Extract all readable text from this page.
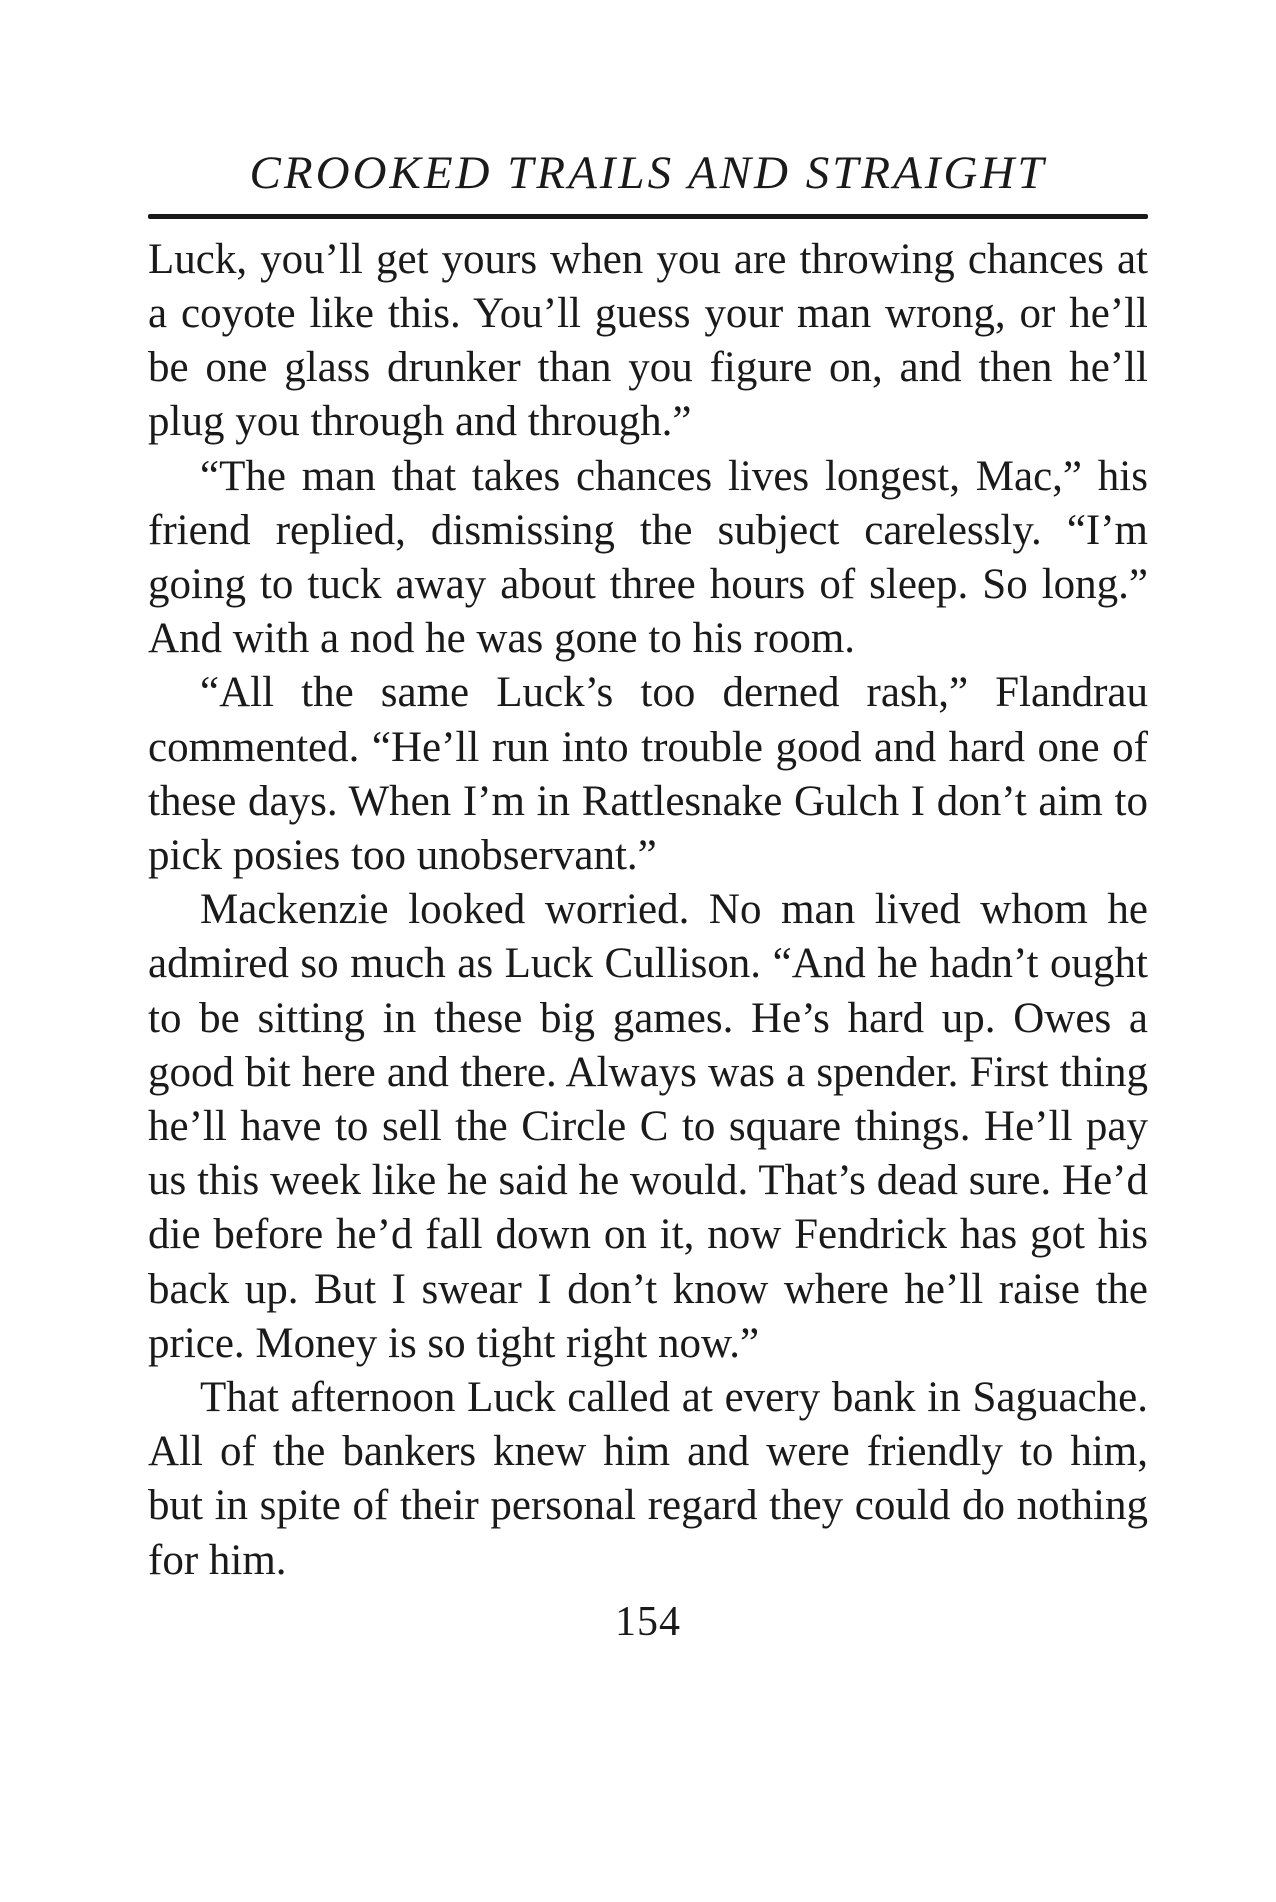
CROOKED TRAILS AND STRAIGHT

Luck, you’ll get yours when you are throwing chances at a coyote like this. You’ll guess your man wrong, or he’ll be one glass drunker than you figure on, and then he’ll plug you through and through.”

“The man that takes chances lives longest, Mac,” his friend replied, dismissing the subject carelessly. “I’m going to tuck away about three hours of sleep. So long.” And with a nod he was gone to his room.

“All the same Luck’s too derned rash,” Flandrau commented. “He’ll run into trouble good and hard one of these days. When I’m in Rattlesnake Gulch I don’t aim to pick posies too unobservant.”

Mackenzie looked worried. No man lived whom he admired so much as Luck Cullison. “And he hadn’t ought to be sitting in these big games. He’s hard up. Owes a good bit here and there. Always was a spender. First thing he’ll have to sell the Circle C to square things. He’ll pay us this week like he said he would. That’s dead sure. He’d die before he’d fall down on it, now Fendrick has got his back up. But I swear I don’t know where he’ll raise the price. Money is so tight right now.”

That afternoon Luck called at every bank in Saguache. All of the bankers knew him and were friendly to him, but in spite of their personal regard they could do nothing for him.

154
